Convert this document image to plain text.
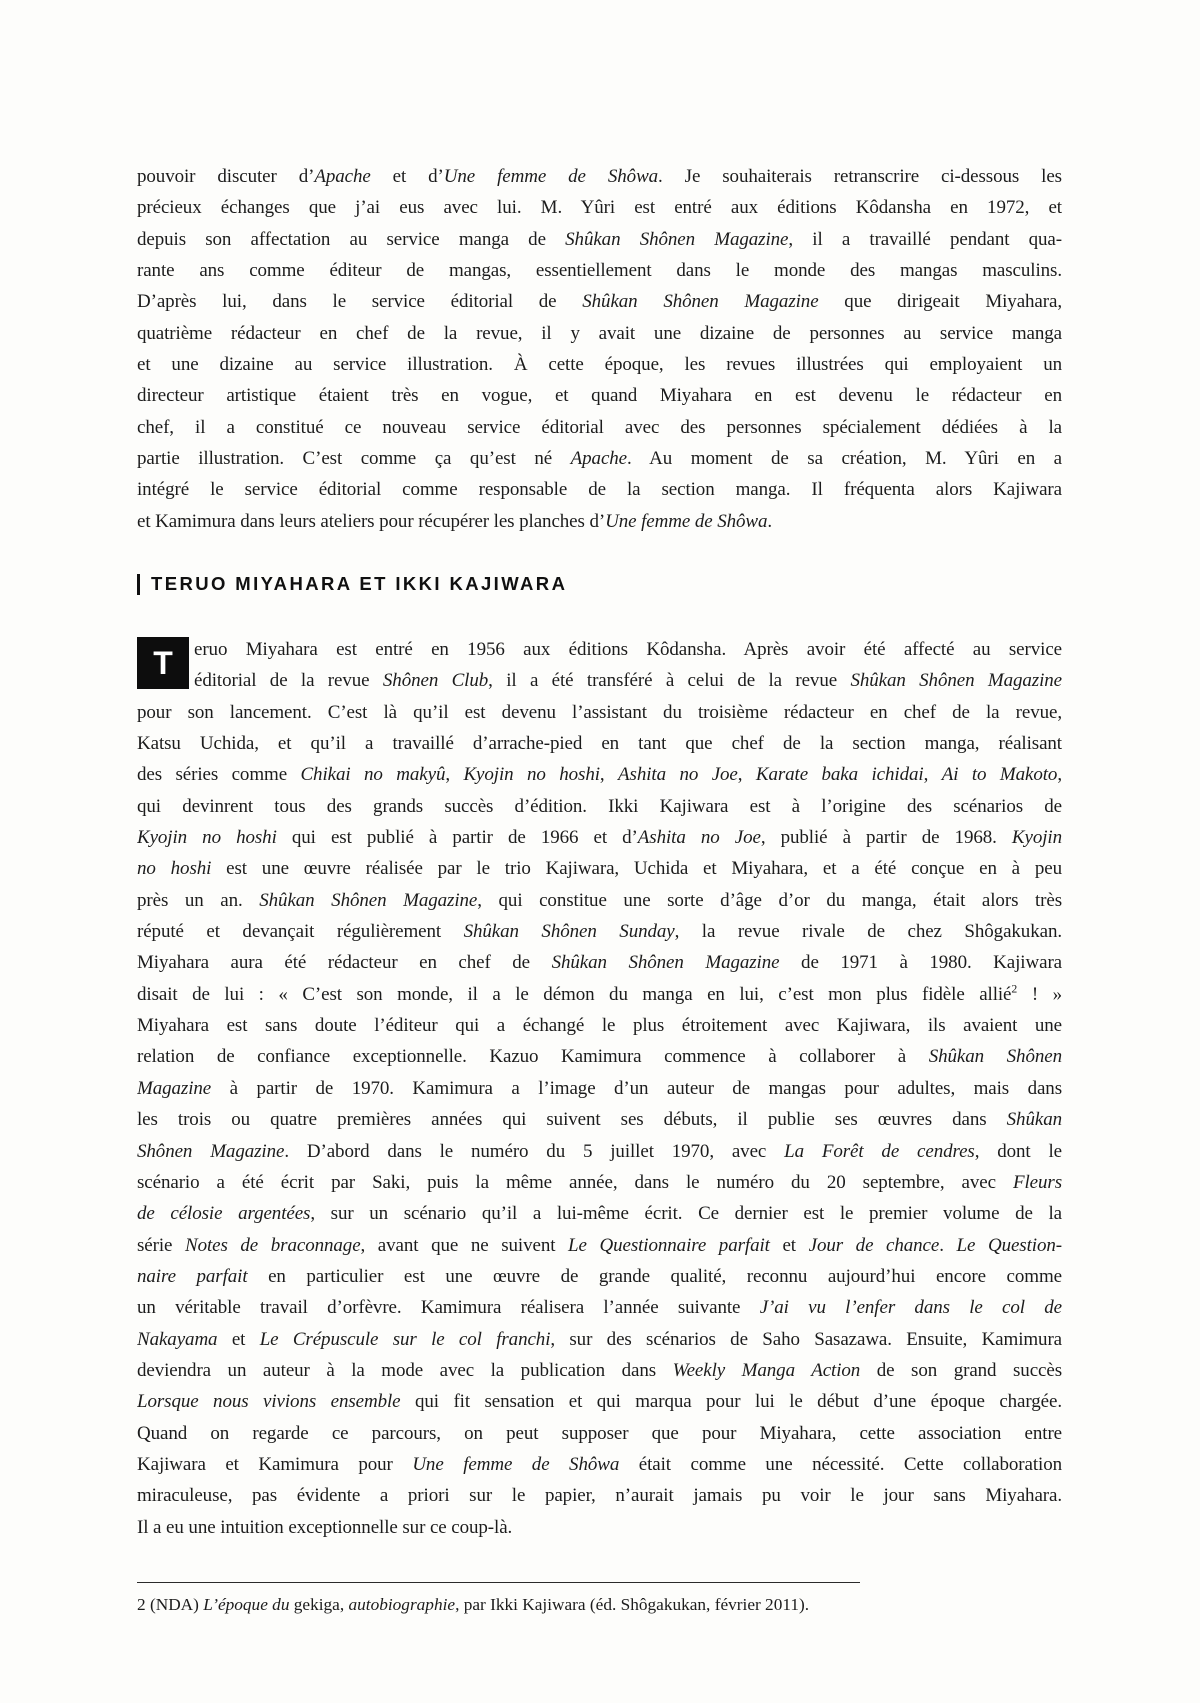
pouvoir discuter d’Apache et d’Une femme de Shôwa. Je souhaiterais retranscrire ci-dessous les
précieux échanges que j’ai eus avec lui. M. Yûri est entré aux éditions Kôdansha en 1972, et
depuis son affectation au service manga de Shûkan Shônen Magazine, il a travaillé pendant qua-
rante ans comme éditeur de mangas, essentiellement dans le monde des mangas masculins.
D’après lui, dans le service éditorial de Shûkan Shônen Magazine que dirigeait Miyahara,
quatrième rédacteur en chef de la revue, il y avait une dizaine de personnes au service manga
et une dizaine au service illustration. À cette époque, les revues illustrées qui employaient un
directeur artistique étaient très en vogue, et quand Miyahara en est devenu le rédacteur en
chef, il a constitué ce nouveau service éditorial avec des personnes spécialement dédiées à la
partie illustration. C’est comme ça qu’est né Apache. Au moment de sa création, M. Yûri en a
intégré le service éditorial comme responsable de la section manga. Il fréquenta alors Kajiwara
et Kamimura dans leurs ateliers pour récupérer les planches d’Une femme de Shôwa.
TERUO MIYAHARA ET IKKI KAJIWARA
T	eruo Miyahara est entré en 1956 aux éditions Kôdansha. Après avoir été affecté au service
éditorial de la revue Shônen Club, il a été transféré à celui de la revue Shûkan Shônen Magazine
pour son lancement. C’est là qu’il est devenu l’assistant du troisième rédacteur en chef de la revue,
Katsu Uchida, et qu’il a travaillé d’arrache-pied en tant que chef de la section manga, réalisant
des séries comme Chikai no makyû, Kyojin no hoshi, Ashita no Joe, Karate baka ichidai, Ai to Makoto,
qui devinrent tous des grands succès d’édition. Ikki Kajiwara est à l’origine des scénarios de
Kyojin no hoshi qui est publié à partir de 1966 et d’Ashita no Joe, publié à partir de 1968. Kyojin
no hoshi est une œuvre réalisée par le trio Kajiwara, Uchida et Miyahara, et a été conçue en à peu
près un an. Shûkan Shônen Magazine, qui constitue une sorte d’âge d’or du manga, était alors très
réputé et devançait régulièrement Shûkan Shônen Sunday, la revue rivale de chez Shôgakukan.
Miyahara aura été rédacteur en chef de Shûkan Shônen Magazine de 1971 à 1980. Kajiwara
disait de lui : « C’est son monde, il a le démon du manga en lui, c’est mon plus fidèle allié$^2$ ! »
Miyahara est sans doute l’éditeur qui a échangé le plus étroitement avec Kajiwara, ils avaient une
relation de confiance exceptionnelle. Kazuo Kamimura commence à collaborer à Shûkan Shônen
Magazine à partir de 1970. Kamimura a l’image d’un auteur de mangas pour adultes, mais dans
les trois ou quatre premières années qui suivent ses débuts, il publie ses œuvres dans Shûkan
Shônen Magazine. D’abord dans le numéro du 5 juillet 1970, avec La Forêt de cendres, dont le
scénario a été écrit par Saki, puis la même année, dans le numéro du 20 septembre, avec Fleurs
de célosie argentées, sur un scénario qu’il a lui-même écrit. Ce dernier est le premier volume de la
série Notes de braconnage, avant que ne suivent Le Questionnaire parfait et Jour de chance. Le Question-
naire parfait en particulier est une œuvre de grande qualité, reconnu aujourd’hui encore comme
un véritable travail d’orfèvre. Kamimura réalisera l’année suivante J’ai vu l’enfer dans le col de
Nakayama et Le Crépuscule sur le col franchi, sur des scénarios de Saho Sasazawa. Ensuite, Kamimura
deviendra un auteur à la mode avec la publication dans Weekly Manga Action de son grand succès
Lorsque nous vivions ensemble qui fit sensation et qui marqua pour lui le début d’une époque chargée.
Quand on regarde ce parcours, on peut supposer que pour Miyahara, cette association entre
Kajiwara et Kamimura pour Une femme de Shôwa était comme une nécessité. Cette collaboration
miraculeuse, pas évidente a priori sur le papier, n’aurait jamais pu voir le jour sans Miyahara.
Il a eu une intuition exceptionnelle sur ce coup-là.
2 (NDA) L’époque du gekiga, autobiographie, par Ikki Kajiwara (éd. Shôgakukan, février 2011).
